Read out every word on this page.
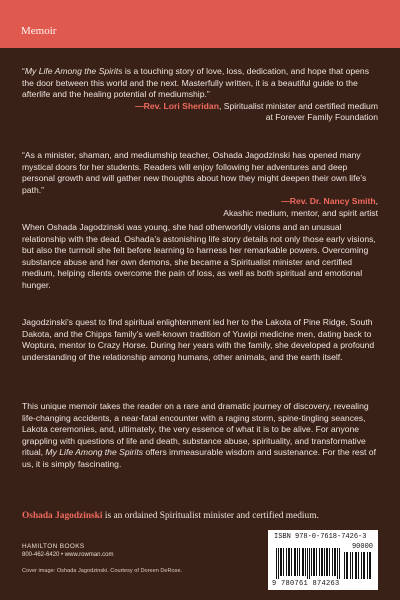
Memoir

“My Life Among the Spirits is a touching story of love, loss, dedication, and hope that opens the door between this world and the next. Masterfully written, it is a beautiful guide to the afterlife and the healing potential of mediumship.”

—Rev. Lori Sheridan, Spiritualist minister and certified medium

at Forever Family Foundation

“As a minister, shaman, and mediumship teacher, Oshada Jagodzinski has opened many mystical doors for her students. Readers will enjoy following her adventures and deep personal growth and will gather new thoughts about how they might deepen their own life’s path.”

—Rev. Dr. Nancy Smith,

Akashic medium, mentor, and spirit artist

When Oshada Jagodzinski was young, she had otherworldly visions and an unusual relationship with the dead. Oshada’s astonishing life story details not only those early visions, but also the turmoil she felt before learning to harness her remarkable powers. Overcoming substance abuse and her own demons, she became a Spiritualist minister and certified medium, helping clients overcome the pain of loss, as well as both spiritual and emotional hunger.
Jagodzinski’s quest to find spiritual enlightenment led her to the Lakota of Pine Ridge, South Dakota, and the Chipps family’s well-known tradition of Yuwipi medicine men, dating back to Woptura, mentor to Crazy Horse. During her years with the family, she developed a profound understanding of the relationship among humans, other animals, and the earth itself.
This unique memoir takes the reader on a rare and dramatic journey of discovery, revealing life-changing accidents, a near-fatal encounter with a raging storm, spine-tingling seances, Lakota ceremonies, and, ultimately, the very essence of what it is to be alive. For anyone grappling with questions of life and death, substance abuse, spirituality, and transformative ritual, My Life Among the Spirits offers immeasurable wisdom and sustenance. For the rest of us, it is simply fascinating.
Oshada Jagodzinski is an ordained Spiritualist minister and certified medium.
HAMILTON BOOKS
800-462-6420 • www.rowman.com
Cover image: Oshada Jagodzinski. Courtesy of Doreen DeRose.
ISBN 978-0-7618-7426-3
90000
9 780761 874263
